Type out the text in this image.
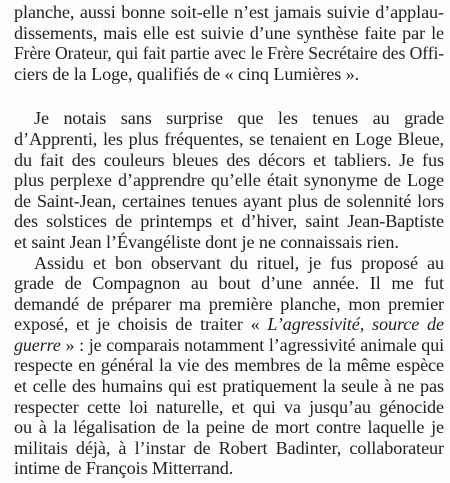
planche, aussi bonne soit-elle n’est jamais suivie d’applau-
dissements, mais elle est suivie d’une synthèse faite par le
Frère Orateur, qui fait partie avec le Frère Secrétaire des Offi-
ciers de la Loge, qualifiés de « cinq Lumières ».
Je notais sans surprise que les tenues au grade
d’Apprenti, les plus fréquentes, se tenaient en Loge Bleue,
du fait des couleurs bleues des décors et tabliers. Je fus
plus perplexe d’apprendre qu’elle était synonyme de Loge
de Saint-Jean, certaines tenues ayant plus de solennité lors
des solstices de printemps et d’hiver, saint Jean-Baptiste
et saint Jean l’Évangéliste dont je ne connaissais rien.
Assidu et bon observant du rituel, je fus proposé au
grade de Compagnon au bout d’une année. Il me fut
demandé de préparer ma première planche, mon premier
exposé, et je choisis de traiter « L’agressivité, source de
guerre » : je comparais notamment l’agressivité animale qui
respecte en général la vie des membres de la même espèce
et celle des humains qui est pratiquement la seule à ne pas
respecter cette loi naturelle, et qui va jusqu’au génocide
ou à la légalisation de la peine de mort contre laquelle je
militais déjà, à l’instar de Robert Badinter, collaborateur
intime de François Mitterrand.
